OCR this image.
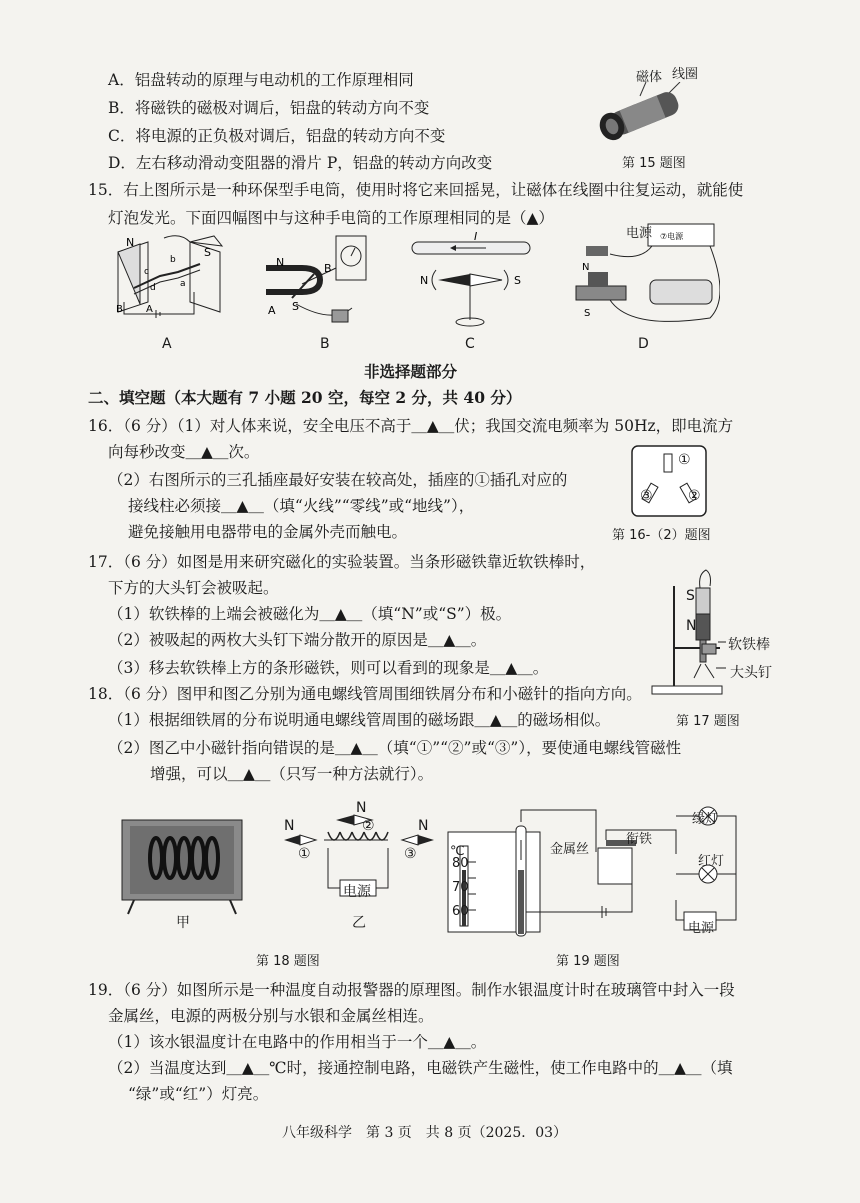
A．铝盘转动的原理与电动机的工作原理相同
B．将磁铁的磁极对调后，铝盘的转动方向不变
C．将电源的正负极对调后，铝盘的转动方向不变
D．左右移动滑动变阻器的滑片 P，铝盘的转动方向改变
磁体 线圈
第 15 题图
15．右上图所示是一种环保型手电筒，使用时将它来回摇晃，让磁体在线圈中往复运动，就能使
灯泡发光。下面四幅图中与这种手电筒的工作原理相同的是（▲）
N
S
c
d	a
b
B A
A
N	B
A S
B
I
N	S
C
⑦电源
N
S
电源
D
非选择题部分
二、填空题（本大题有 7 小题 20 空，每空 2 分，共 40 分）
16．（6 分）（1）对人体来说，安全电压不高于＿▲＿伏；我国交流电频率为 50Hz，即电流方
向每秒改变＿▲＿次。
（2）右图所示的三孔插座最好安装在较高处，插座的①插孔对应的
接线柱必须接＿▲＿（填“火线”“零线”或“地线”），
避免接触用电器带电的金属外壳而触电。
①
③	②
第 16-（2）题图
17．（6 分）如图是用来研究磁化的实验装置。当条形磁铁靠近软铁棒时，
下方的大头钉会被吸起。
（1）软铁棒的上端会被磁化为＿▲＿（填“N”或“S”）极。
（2）被吸起的两枚大头钉下端分散开的原因是＿▲＿。
（3）移去软铁棒上方的条形磁铁，则可以看到的现象是＿▲＿。
S
N
软铁棒
大头钉
第 17 题图
18．（6 分）图甲和图乙分别为通电螺线管周围细铁屑分布和小磁针的指向方向。
（1）根据细铁屑的分布说明通电螺线管周围的磁场跟＿▲＿的磁场相似。
（2）图乙中小磁针指向错误的是＿▲＿（填“①”“②”或“③”），要使通电螺线管磁性
增强，可以＿▲＿（只写一种方法就行）。
甲
N
N	N
①
②
③
电源
乙
第 18 题图
℃
80
70
60
金属丝
衔铁
绿灯
红灯
电源
第 19 题图
19．（6 分）如图所示是一种温度自动报警器的原理图。制作水银温度计时在玻璃管中封入一段
金属丝，电源的两极分别与水银和金属丝相连。
（1）该水银温度计在电路中的作用相当于一个＿▲＿。
（2）当温度达到＿▲＿℃时，接通控制电路，电磁铁产生磁性，使工作电路中的＿▲＿（填
“绿”或“红”）灯亮。
八年级科学　第 3 页　共 8 页（2025．03）
